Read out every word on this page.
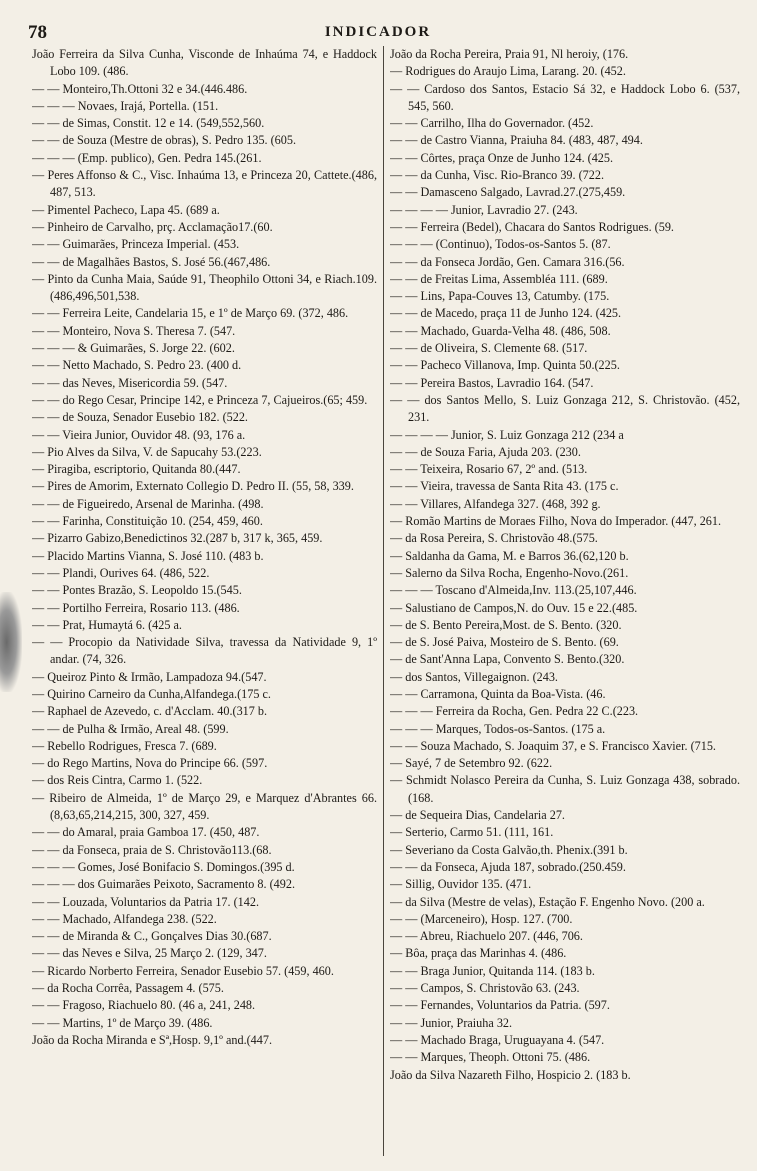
78	INDICADOR

João Ferreira da Silva Cunha, Visconde de Inhaúma 74, e Haddock Lobo 109. (486.

— — Monteiro,Th.Ottoni 32 e 34.(446.486.

— — — Novaes, Irajá, Portella. (151.

— — de Simas, Constit. 12 e 14. (549,552,560.

— — de Souza (Mestre de obras), S. Pedro 135. (605.

— — — (Emp. publico), Gen. Pedra 145.(261.

— Peres Affonso & C., Visc. Inhaúma 13, e Princeza 20, Cattete.(486, 487, 513.

— Pimentel Pacheco, Lapa 45. (689 a.

— Pinheiro de Carvalho, prç. Acclamação17.(60.

— — Guimarães, Princeza Imperial. (453.

— — de Magalhães Bastos, S. José 56.(467,486.

— Pinto da Cunha Maia, Saúde 91, Theophilo Ottoni 34, e Riach.109. (486,496,501,538.

— — Ferreira Leite, Candelaria 15, e 1º de Março 69. (372, 486.

— — Monteiro, Nova S. Theresa 7. (547.

— — — & Guimarães, S. Jorge 22. (602.

— — Netto Machado, S. Pedro 23. (400 d.

— — das Neves, Misericordia 59. (547.

— — do Rego Cesar, Principe 142, e Princeza 7, Cajueiros.(65; 459.

— — de Souza, Senador Eusebio 182. (522.

— — Vieira Junior, Ouvidor 48. (93, 176 a.

— Pio Alves da Silva, V. de Sapucahy 53.(223.

— Piragiba, escriptorio, Quitanda 80.(447.

— Pires de Amorim, Externato Collegio D. Pedro II. (55, 58, 339.

— — de Figueiredo, Arsenal de Marinha. (498.

— — Farinha, Constituição 10. (254, 459, 460.

— Pizarro Gabizo,Benedictinos 32.(287 b, 317 k, 365, 459.

— Placido Martins Vianna, S. José 110. (483 b.

— — Plandi, Ourives 64. (486, 522.

— — Pontes Brazão, S. Leopoldo 15.(545.

— — Portilho Ferreira, Rosario 113. (486.

— — Prat, Humaytá 6. (425 a.

— — Procopio da Natividade Silva, travessa da Natividade 9, 1º andar. (74, 326.

— Queiroz Pinto & Irmão, Lampadoza 94.(547.

— Quirino Carneiro da Cunha,Alfandega.(175 c.

— Raphael de Azevedo, c. d'Acclam. 40.(317 b.

— — de Pulha & Irmão, Areal 48. (599.

— Rebello Rodrigues, Fresca 7. (689.

— do Rego Martins, Nova do Principe 66. (597.

— dos Reis Cintra, Carmo 1. (522.

— Ribeiro de Almeida, 1º de Março 29, e Marquez d'Abrantes 66. (8,63,65,214,215, 300, 327, 459.

— — do Amaral, praia Gamboa 17. (450, 487.

— — da Fonseca, praia de S. Christovão113.(68.

— — — Gomes, José Bonifacio S. Domingos.(395 d.

— — — dos Guimarães Peixoto, Sacramento 8. (492.

— — Louzada, Voluntarios da Patria 17. (142.

— — Machado, Alfandega 238. (522.

— — de Miranda & C., Gonçalves Dias 30.(687.

— — das Neves e Silva, 25 Março 2. (129, 347.

— Ricardo Norberto Ferreira, Senador Eusebio 57. (459, 460.

— da Rocha Corrêa, Passagem 4. (575.

— — Fragoso, Riachuelo 80. (46 a, 241, 248.

— — Martins, 1º de Março 39. (486.

João da Rocha Miranda e Sª,Hosp. 9,1º and.(447.

João da Rocha Pereira, Praia 91, Nl heroiy, (176.

— Rodrigues do Araujo Lima, Larang. 20. (452.

— — Cardoso dos Santos, Estacio Sá 32, e Haddock Lobo 6. (537, 545, 560.

— — Carrilho, Ilha do Governador. (452.

— — de Castro Vianna, Praiuha 84. (483, 487, 494.

— — Côrtes, praça Onze de Junho 124. (425.

— — da Cunha, Visc. Rio-Branco 39. (722.

— — Damasceno Salgado, Lavrad.27.(275,459.

— — — — Junior, Lavradio 27. (243.

— — Ferreira (Bedel), Chacara do Santos Rodrigues. (59.

— — — (Continuo), Todos-os-Santos 5. (87.

— — da Fonseca Jordão, Gen. Camara 316.(56.

— — de Freitas Lima, Assembléa 111. (689.

— — Lins, Papa-Couves 13, Catumby. (175.

— — de Macedo, praça 11 de Junho 124. (425.

— — Machado, Guarda-Velha 48. (486, 508.

— — de Oliveira, S. Clemente 68. (517.

— — Pacheco Villanova, Imp. Quinta 50.(225.

— — Pereira Bastos, Lavradio 164. (547.

— — dos Santos Mello, S. Luiz Gonzaga 212, S. Christovão. (452, 231.

— — — — Junior, S. Luiz Gonzaga 212 (234 a

— — de Souza Faria, Ajuda 203. (230.

— — Teixeira, Rosario 67, 2º and. (513.

— — Vieira, travessa de Santa Rita 43. (175 c.

— — Villares, Alfandega 327. (468, 392 g.

— Romão Martins de Moraes Filho, Nova do Imperador. (447, 261.

— da Rosa Pereira, S. Christovão 48.(575.

— Saldanha da Gama, M. e Barros 36.(62,120 b.

— Salerno da Silva Rocha, Engenho-Novo.(261.

— — — Toscano d'Almeida,Inv. 113.(25,107,446.

— Salustiano de Campos,N. do Ouv. 15 e 22.(485.

— de S. Bento Pereira,Most. de S. Bento. (320.

— de S. José Paiva, Mosteiro de S. Bento. (69.

— de Sant'Anna Lapa, Convento S. Bento.(320.

— dos Santos, Villegaignon. (243.

— — Carramona, Quinta da Boa-Vista. (46.

— — — Ferreira da Rocha, Gen. Pedra 22 C.(223.

— — — Marques, Todos-os-Santos. (175 a.

— — Souza Machado, S. Joaquim 37, e S. Francisco Xavier. (715.

— Sayé, 7 de Setembro 92. (622.

— Schmidt Nolasco Pereira da Cunha, S. Luiz Gonzaga 438, sobrado. (168.

— de Sequeira Dias, Candelaria 27.

— Serterio, Carmo 51. (111, 161.

— Severiano da Costa Galvão,th. Phenix.(391 b.

— — da Fonseca, Ajuda 187, sobrado.(250.459.

— Sillig, Ouvidor 135. (471.

— da Silva (Mestre de velas), Estação F. Engenho Novo. (200 a.

— — (Marceneiro), Hosp. 127. (700.

— — Abreu, Riachuelo 207. (446, 706.

— Bôa, praça das Marinhas 4. (486.

— — Braga Junior, Quitanda 114. (183 b.

— — Campos, S. Christovão 63. (243.

— — Fernandes, Voluntarios da Patria. (597.

— — Junior, Praiuha 32.

— — Machado Braga, Uruguayana 4. (547.

— — Marques, Theoph. Ottoni 75. (486.

João da Silva Nazareth Filho, Hospicio 2. (183 b.
